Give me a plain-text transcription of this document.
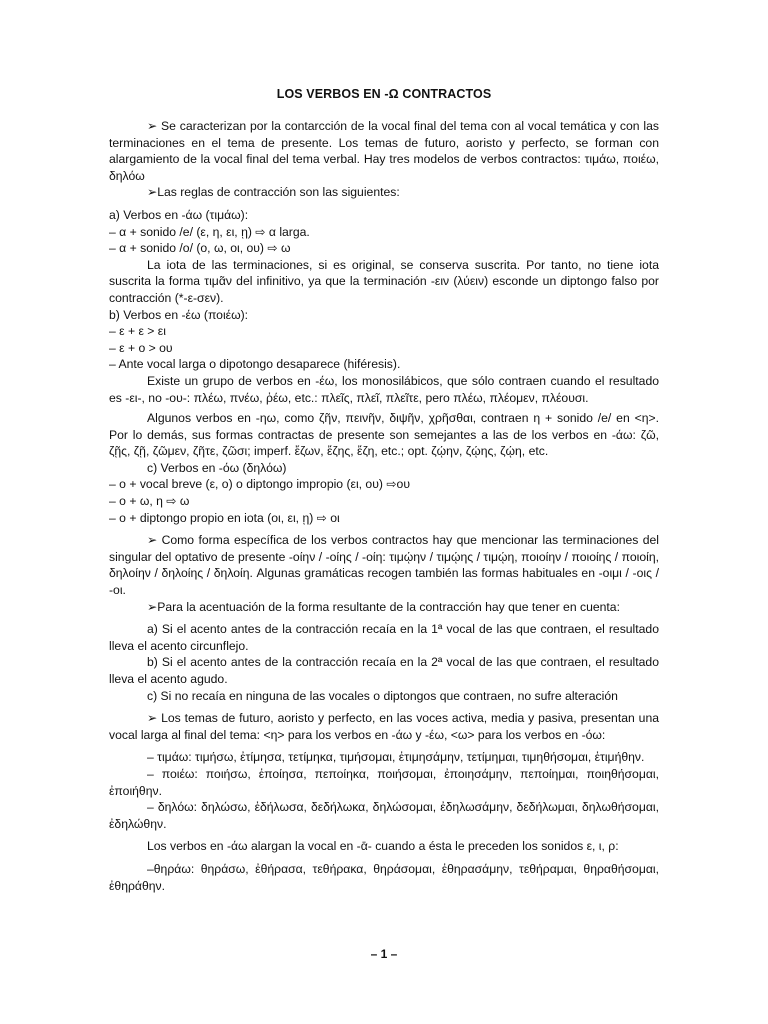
LOS VERBOS EN -Ω CONTRACTOS

➢ Se caracterizan por la contarcción de la vocal final del tema con al vocal temática y con las terminaciones en el tema de presente. Los temas de futuro, aoristo y perfecto, se forman con alargamiento de la vocal final del tema verbal. Hay tres modelos de verbos contractos: τιμάω, ποιέω, δηλόω

➢Las reglas de contracción son las siguientes:

a) Verbos en -άω (τιμάω):

– α + sonido /e/ (ε, η, ει, ῃ) ⇨ α larga.

– α + sonido /o/ (ο, ω, οι, ου) ⇨ ω

La iota de las terminaciones, si es original, se conserva suscrita. Por tanto, no tiene iota suscrita la forma τιμᾶν del infinitivo, ya que la terminación -ειν (λύειν) esconde un diptongo falso por contracción (*-ε-σεν).

b) Verbos en -έω (ποιέω):

– ε + ε > ει

– ε + ο > ου

– Ante vocal larga o dipotongo desaparece (hiféresis).

Existe un grupo de verbos en -έω, los monosilábicos, que sólo contraen cuando el resultado es -ει-, no -ου-: πλέω, πνέω, ῥέω, etc.: πλεῖς, πλεῖ, πλεῖτε, pero πλέω, πλέομεν, πλέουσι.

Algunos verbos en -ηω, como ζῆν, πεινῆν, διψῆν, χρῆσθαι, contraen η + sonido /e/ en <η>. Por lo demás, sus formas contractas de presente son semejantes a las de los verbos en -άω: ζῶ, ζῇς, ζῇ, ζῶμεν, ζῆτε, ζῶσι; imperf. ἔζων, ἔζης, ἔζη, etc.; opt. ζῴην, ζῴης, ζῴη, etc.

c) Verbos en -όω (δηλόω)

– ο + vocal breve (ε, ο) o diptongo impropio (ει, ου) ⇨ου

– ο + ω, η ⇨ ω

– ο + diptongo propio en iota (οι, ει, ῃ) ⇨ οι

➢ Como forma específica de los verbos contractos hay que mencionar las terminaciones del singular del optativo de presente -οίην / -οίης / -οίη: τιμῴην / τιμῴης / τιμῴη, ποιοίην / ποιοίης / ποιοίη, δηλοίην / δηλοίης / δηλοίη. Algunas gramáticas recogen también las formas habituales en -οιμι / -οις / -οι.

➢Para la acentuación de la forma resultante de la contracción hay que tener en cuenta:

a) Si el acento antes de la contracción recaía en la 1ª vocal de las que contraen, el resultado lleva el acento circunflejo.

b) Si el acento antes de la contracción recaía en la 2ª vocal de las que contraen, el resultado lleva el acento agudo.

c) Si no recaía en ninguna de las vocales o diptongos que contraen, no sufre alteración

➢ Los temas de futuro, aoristo y perfecto, en las voces activa, media y pasiva, presentan una vocal larga al final del tema: <η> para los verbos en -άω y -έω, <ω> para los verbos en -όω:

– τιμάω: τιμήσω, ἐτίμησα, τετίμηκα, τιμήσομαι, ἐτιμησάμην, τετίμημαι, τιμηθήσομαι, ἐτιμήθην.

– ποιέω: ποιήσω, ἐποίησα, πεποίηκα, ποιήσομαι, ἐποιησάμην, πεποίημαι, ποιηθήσομαι, ἐποιήθην.

– δηλόω: δηλώσω, ἐδήλωσα, δεδήλωκα, δηλώσομαι, ἐδηλωσάμην, δεδήλωμαι, δηλωθήσομαι, ἐδηλώθην.

Los verbos en -άω alargan la vocal en -ᾱ- cuando a ésta le preceden los sonidos ε, ι, ρ:

–θηράω: θηράσω, ἐθήρασα, τεθήρακα, θηράσομαι, ἐθηρασάμην, τεθήραμαι, θηραθήσομαι, ἐθηράθην.

– 1 –
